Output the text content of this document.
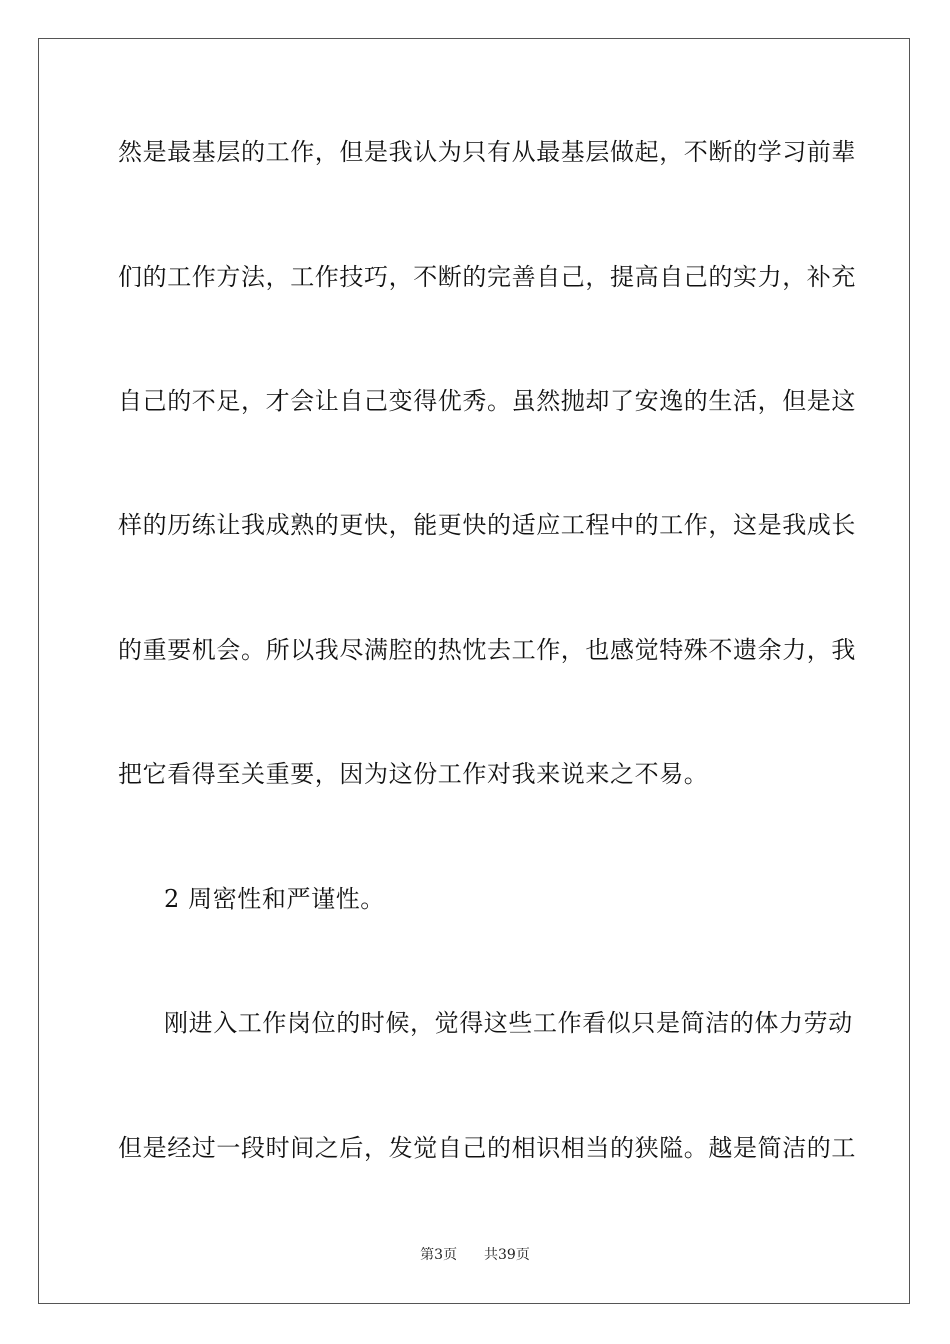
然是最基层的工作，但是我认为只有从最基层做起，不断的学习前辈
们的工作方法，工作技巧，不断的完善自己，提高自己的实力，补充
自己的不足，才会让自己变得优秀。虽然抛却了安逸的生活，但是这
样的历练让我成熟的更快，能更快的适应工程中的工作，这是我成长
的重要机会。所以我尽满腔的热忱去工作，也感觉特殊不遗余力，我
把它看得至关重要，因为这份工作对我来说来之不易。
2 周密性和严谨性。
刚进入工作岗位的时候，觉得这些工作看似只是简洁的体力劳动
但是经过一段时间之后，发觉自己的相识相当的狭隘。越是简洁的工
第3页 共39页
